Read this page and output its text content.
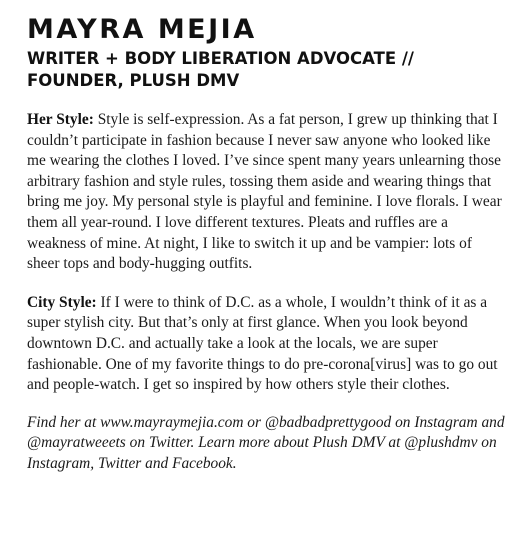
MAYRA MEJIA
WRITER + BODY LIBERATION ADVOCATE //
FOUNDER, PLUSH DMV

Her Style: Style is self-expression. As a fat person, I grew up thinking that I couldn’t participate in fashion because I never saw anyone who looked like me wearing the clothes I loved. I’ve since spent many years unlearning those arbitrary fashion and style rules, tossing them aside and wearing things that bring me joy. My personal style is playful and feminine. I love florals. I wear them all year-round. I love different textures. Pleats and ruffles are a weakness of mine. At night, I like to switch it up and be vampier: lots of sheer tops and body-hugging outfits.

City Style: If I were to think of D.C. as a whole, I wouldn’t think of it as a super stylish city. But that’s only at first glance. When you look beyond downtown D.C. and actually take a look at the locals, we are super fashionable. One of my favorite things to do pre-corona[virus] was to go out and people-watch. I get so inspired by how others style their clothes.

Find her at www.mayraymejia.com or @badbadprettygood on Instagram and @mayratweeets on Twitter. Learn more about Plush DMV at @plushdmv on Instagram, Twitter and Facebook.
